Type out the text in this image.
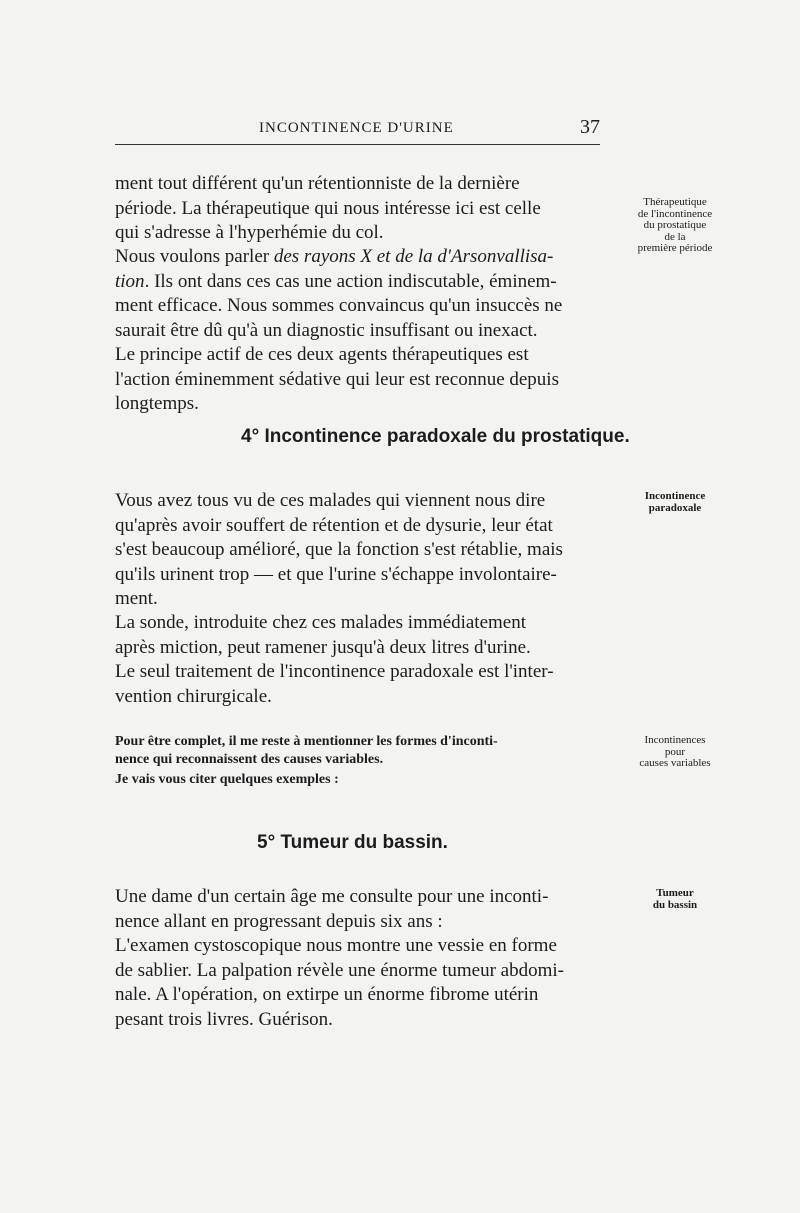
INCONTINENCE D'URINE	37

ment tout différent qu'un rétentionniste de la dernière

période. La thérapeutique qui nous intéresse ici est celle

qui s'adresse à l'hyperhémie du col.

Nous voulons parler des rayons X et de la d'Arsonvallisa-

tion. Ils ont dans ces cas une action indiscutable, éminem-

ment efficace. Nous sommes convaincus qu'un insuccès ne

saurait être dû qu'à un diagnostic insuffisant ou inexact.

Le principe actif de ces deux agents thérapeutiques est

l'action éminemment sédative qui leur est reconnue depuis

longtemps.

4° Incontinence paradoxale du prostatique.

Vous avez tous vu de ces malades qui viennent nous dire

qu'après avoir souffert de rétention et de dysurie, leur état

s'est beaucoup amélioré, que la fonction s'est rétablie, mais

qu'ils urinent trop — et que l'urine s'échappe involontaire-

ment.

La sonde, introduite chez ces malades immédiatement

après miction, peut ramener jusqu'à deux litres d'urine.

Le seul traitement de l'incontinence paradoxale est l'inter-

vention chirurgicale.

Pour être complet, il me reste à mentionner les formes d'inconti-

nence qui reconnaissent des causes variables.

Je vais vous citer quelques exemples :

5° Tumeur du bassin.

Une dame d'un certain âge me consulte pour une inconti-

nence allant en progressant depuis six ans :

L'examen cystoscopique nous montre une vessie en forme

de sablier. La palpation révèle une énorme tumeur abdomi-

nale. A l'opération, on extirpe un énorme fibrome utérin

pesant trois livres. Guérison.

Thérapeutique
de l'incontinence
du prostatique
de la
première période
Incontinence
paradoxale
Incontinences
pour
causes variables
Tumeur
du bassin
